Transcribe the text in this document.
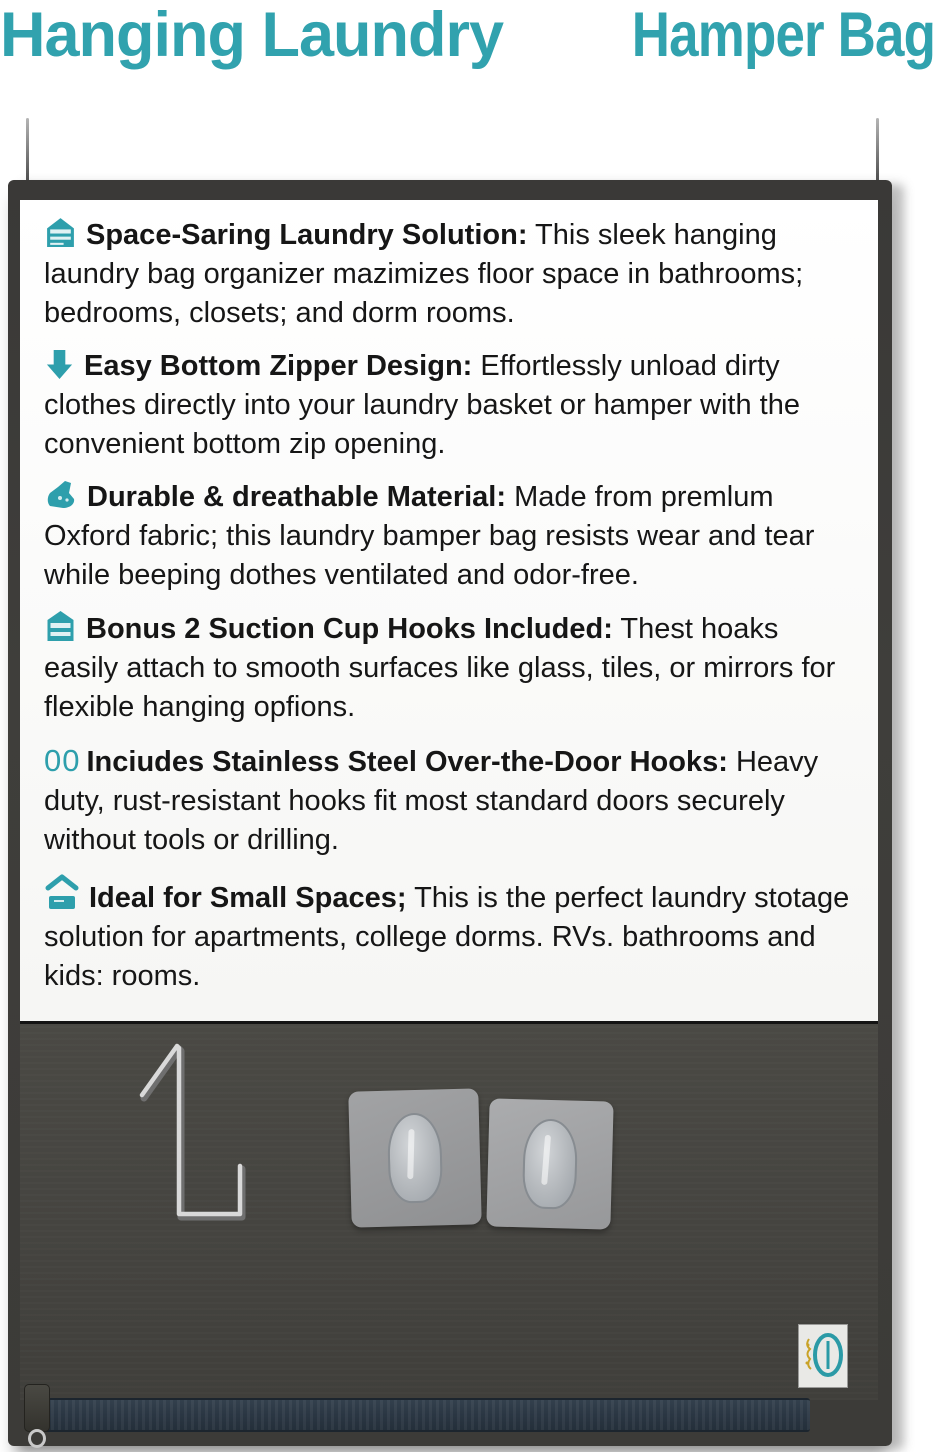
Hanging Laundry Hamper Bag

Space-Saring Laundry Solution: This sleek hanging laundry bag organizer mazimizes floor space in bathrooms; bedrooms, closets; and dorm rooms.

Easy Bottom Zipper Design: Effortlessly unload dirty clothes directly into your laundry basket or hamper with the convenient bottom zip opening.

Durable & dreathable Material: Made from premlum Oxford fabric; this laundry bamper bag resists wear and tear while beeping dothes ventilated and odor-free.

Bonus 2 Suction Cup Hooks Included: Thest hoaks easily attach to smooth surfaces like glass, tiles, or mirrors for flexible hanging opfions.

00 Inciudes Stainless Steel Over-the-Door Hooks: Heavy duty, rust-resistant hooks fit most standard doors securely without tools or drilling.

Ideal for Small Spaces; This is the perfect laundry stotage solution for apartments, college dorms. RVs. bathrooms and kids: rooms.
